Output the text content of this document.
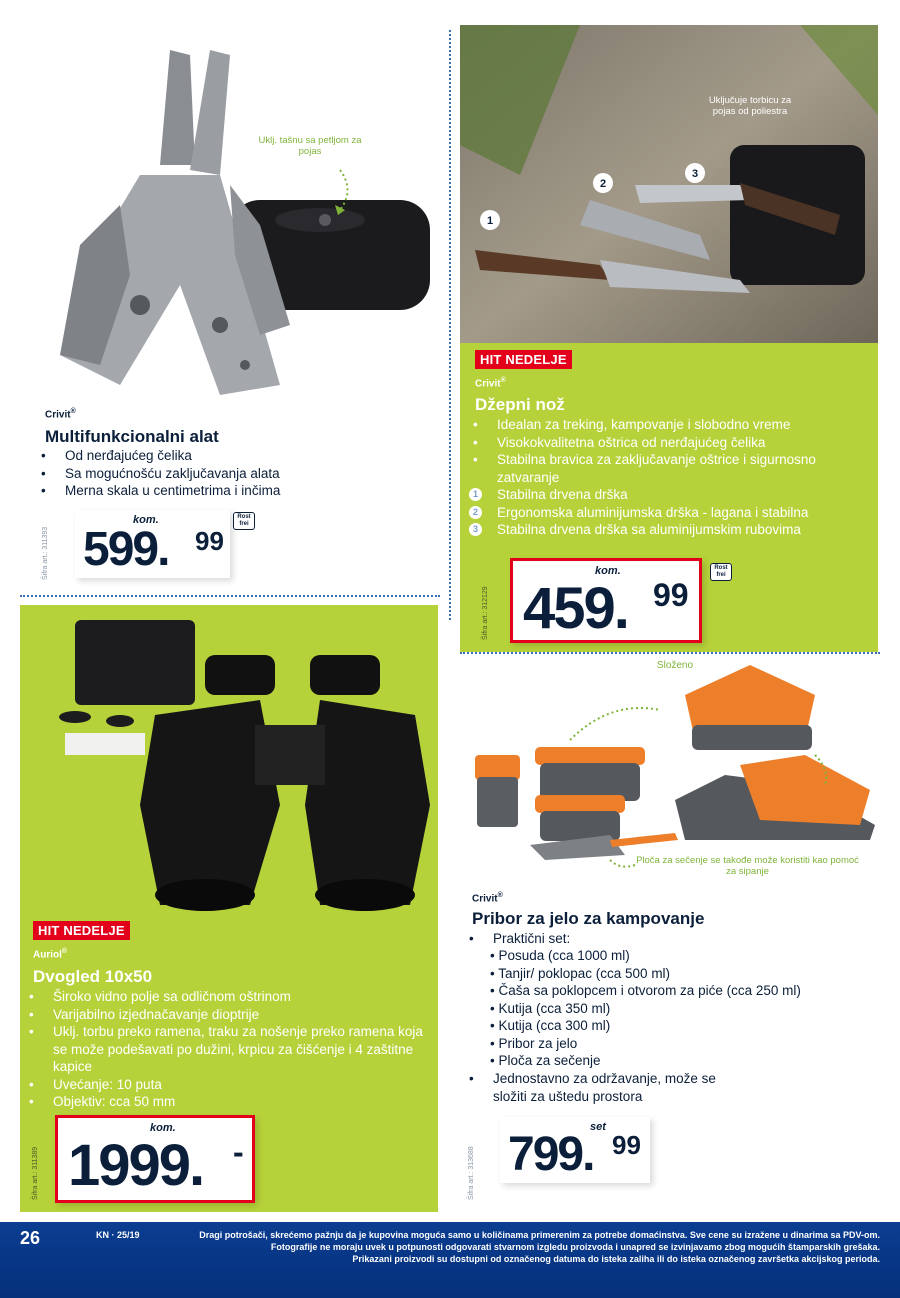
Uklj. tašnu sa petljom za pojas
Crivit®
Multifunkcionalni alat
• Od nerđajućeg čelika
• Sa mogućnošću zaključavanja alata
• Merna skala u centimetrima i inčima
Šifra art.: 311393
kom.
599. 99
Rost frei
1
2
3
Uključuje torbicu za pojas od poliestra
HIT NEDELJE
Crivit®
Džepni nož
• Idealan za treking, kampovanje i slobodno vreme
• Visokokvalitetna oštrica od nerđajućeg čelika
• Stabilna bravica za zaključavanje oštrice i sigurnosno zatvaranje
1 Stabilna drvena drška
2 Ergonomska aluminijumska drška - lagana i stabilna
3 Stabilna drvena drška sa aluminijumskim rubovima
Šifra art.: 312129
kom.
459. 99
Rost frei
HIT NEDELJE
Auriol®
Dvogled 10x50
• Široko vidno polje sa odličnom oštrinom
• Varijabilno izjednačavanje dioptrije
• Uklj. torbu preko ramena, traku za nošenje preko ramena koja se može podešavati po dužini, krpicu za čišćenje i 4 zaštitne kapice
• Uvećanje: 10 puta
• Objektiv: cca 50 mm
Šifra art.: 311389
kom.
1999. -
Složeno
Ploča za sečenje se takođe može koristiti kao pomoć za sipanje
Crivit®
Pribor za jelo za kampovanje
• Praktični set:
• Posuda (cca 1000 ml)
• Tanjir/ poklopac (cca 500 ml)
• Čaša sa poklopcem i otvorom za piće (cca 250 ml)
• Kutija (cca 350 ml)
• Kutija (cca 300 ml)
• Pribor za jelo
• Ploča za sečenje
• Jednostavno za održavanje, može se složiti za uštedu prostora
Šifra art.: 313688
set
799. 99
26	KN · 25/19	Dragi potrošači, skrećemo pažnju da je kupovina moguća samo u količinama primerenim za potrebe domaćinstva. Sve cene su izražene u dinarima sa PDV-om.
Fotografije ne moraju uvek u potpunosti odgovarati stvarnom izgledu proizvoda i unapred se izvinjavamo zbog mogućih štamparskih grešaka.
Prikazani proizvodi su dostupni od označenog datuma do isteka zaliha ili do isteka označenog završetka akcijskog perioda.
